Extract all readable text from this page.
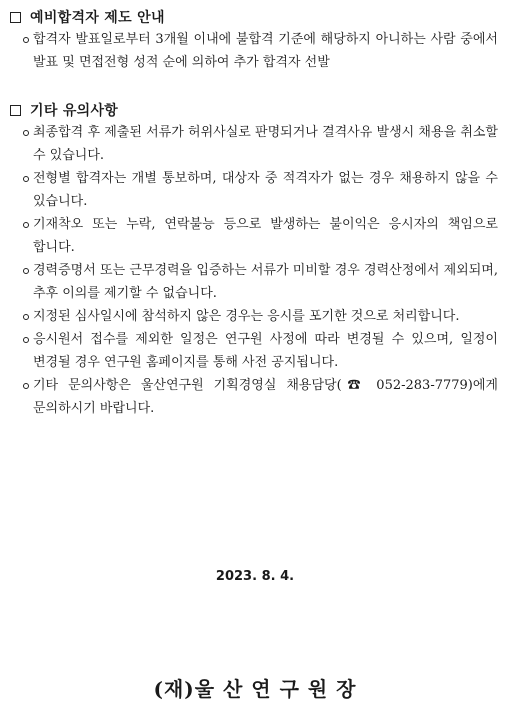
예비합격자 제도 안내
합격자 발표일로부터 3개월 이내에 불합격 기준에 해당하지 아니하는 사람 중에서 발표 및 면접전형 성적 순에 의하여 추가 합격자 선발
기타 유의사항
최종합격 후 제출된 서류가 허위사실로 판명되거나 결격사유 발생시 채용을 취소할 수 있습니다.
전형별 합격자는 개별 통보하며, 대상자 중 적격자가 없는 경우 채용하지 않을 수 있습니다.
기재착오 또는 누락, 연락불능 등으로 발생하는 불이익은 응시자의 책임으로 합니다.
경력증명서 또는 근무경력을 입증하는 서류가 미비할 경우 경력산정에서 제외되며, 추후 이의를 제기할 수 없습니다.
지정된 심사일시에 참석하지 않은 경우는 응시를 포기한 것으로 처리합니다.
응시원서 접수를 제외한 일정은 연구원 사정에 따라 변경될 수 있으며, 일정이 변경될 경우 연구원 홈페이지를 통해 사전 공지됩니다.
기타 문의사항은 울산연구원 기획경영실 채용담당(☎ 052-283-7779)에게 문의하시기 바랍니다.
2023. 8. 4.
(재)울 산 연 구 원 장
